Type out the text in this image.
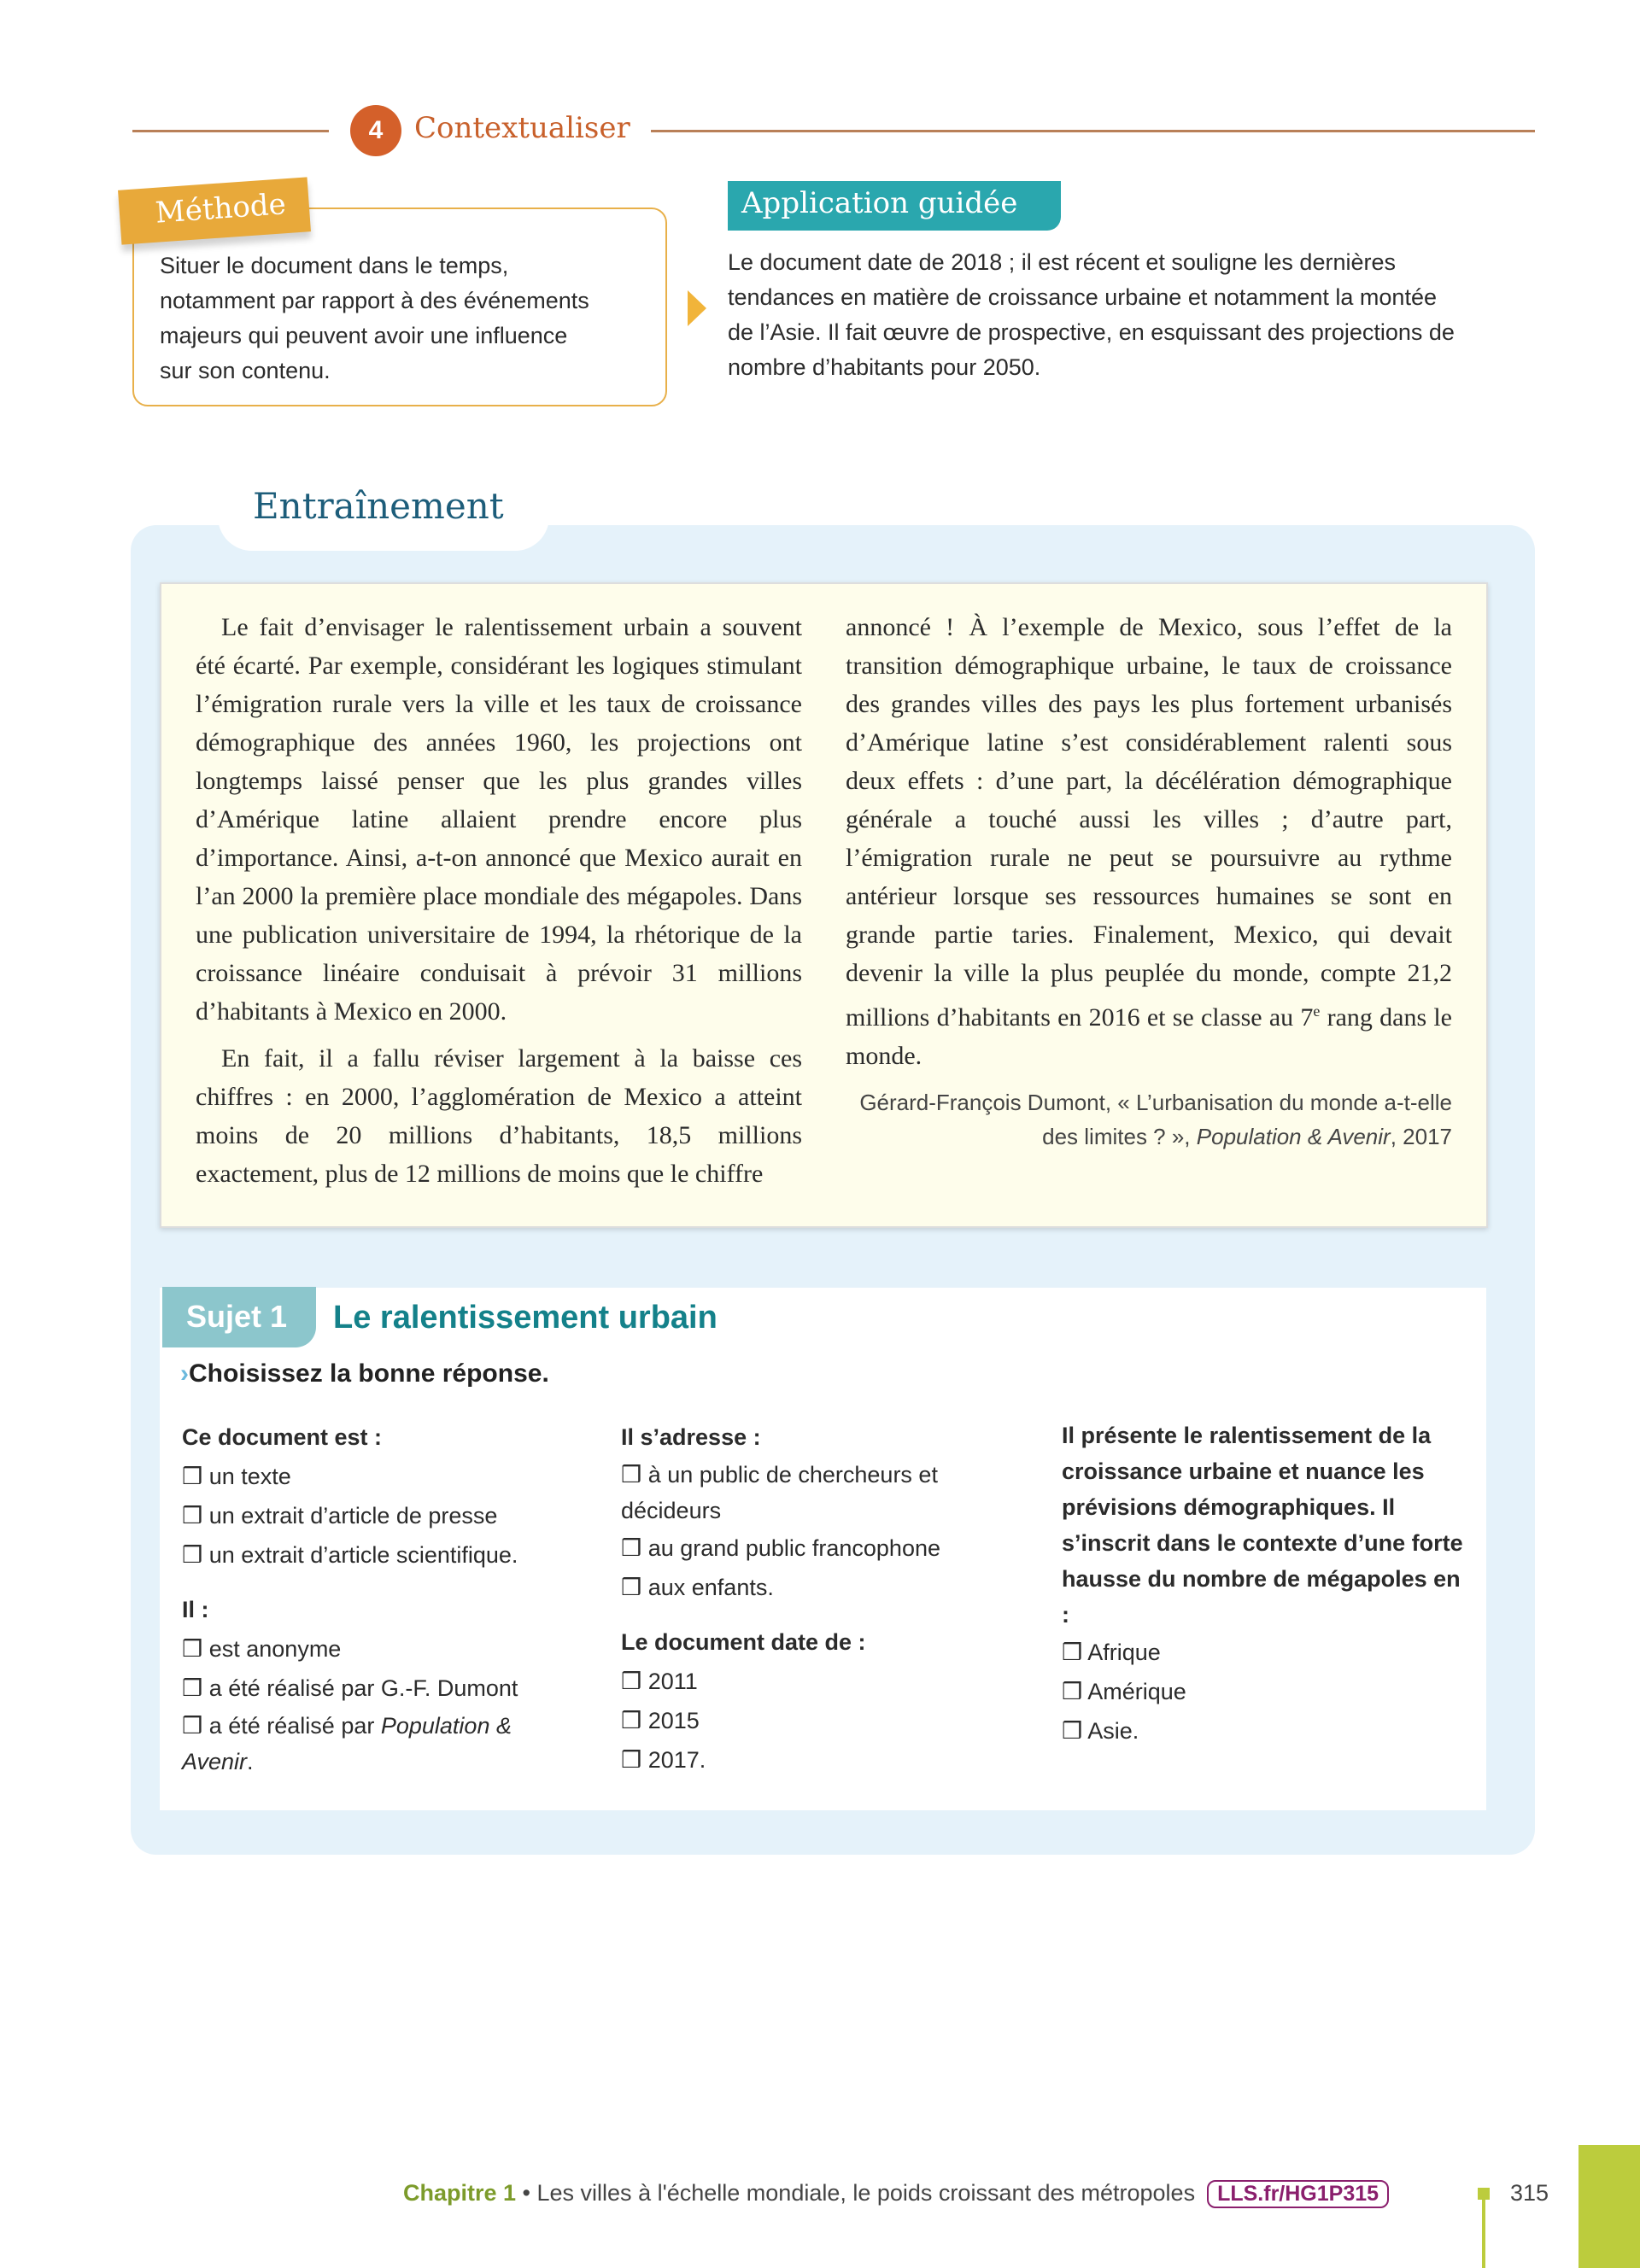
4	Contextualiser
Situer le document dans le temps,
notamment par rapport à des événements
majeurs qui peuvent avoir une influence
sur son contenu.
Méthode	Application guidée
Le document date de 2018 ; il est récent et souligne les dernières
tendances en matière de croissance urbaine et notamment la montée
de l’Asie. Il fait œuvre de prospective, en esquissant des projections de
nombre d’habitants pour 2050.
Entraînement

Le fait d’envisager le ralentissement urbain a souvent été écarté. Par exemple, considérant les logiques stimulant l’émigration rurale vers la ville et les taux de croissance démographique des années 1960, les projections ont longtemps laissé penser que les plus grandes villes d’Amérique latine allaient prendre encore plus d’importance. Ainsi, a-t-on annoncé que Mexico aurait en l’an 2000 la première place mondiale des mégapoles. Dans une publication universitaire de 1994, la rhétorique de la croissance linéaire conduisait à prévoir 31 millions d’habitants à Mexico en 2000.

En fait, il a fallu réviser largement à la baisse ces chiffres : en 2000, l’agglomération de Mexico a atteint moins de 20 millions d’habitants, 18,5 millions exactement, plus de 12 millions de moins que le chiffre

annoncé ! À l’exemple de Mexico, sous l’effet de la transition démographique urbaine, le taux de croissance des grandes villes des pays les plus fortement urbanisés d’Amérique latine s’est considérablement ralenti sous deux effets : d’une part, la décélération démographique générale a touché aussi les villes ; d’autre part, l’émigration rurale ne peut se poursuivre au rythme antérieur lorsque ses ressources humaines se sont en grande partie taries. Finalement, Mexico, qui devait devenir la ville la plus peuplée du monde, compte 21,2 millions d’habitants en 2016 et se classe au 7e rang dans le monde.

Gérard-François Dumont, « L’urbanisation du monde a-t-elle des limites ? », Population & Avenir, 2017
Sujet 1	Le ralentissement urbain
›Choisissez la bonne réponse.
Ce document est :
❒ un texte
❒ un extrait d’article de presse
❒ un extrait d’article scientifique.
Il :
❒ est anonyme
❒ a été réalisé par G.-F. Dumont
❒ a été réalisé par Population & Avenir.
Il s’adresse :
❒ à un public de chercheurs et décideurs
❒ au grand public francophone
❒ aux enfants.
Le document date de :
❒ 2011
❒ 2015
❒ 2017.
Il présente le ralentissement de la croissance urbaine et nuance les prévisions démographiques. Il s’inscrit dans le contexte d’une forte hausse du nombre de mégapoles en :
❒ Afrique
❒ Amérique
❒ Asie.
Chapitre 1 • Les villes à l'échelle mondiale, le poids croissant des métropoles LLS.fr/HG1P315	315
